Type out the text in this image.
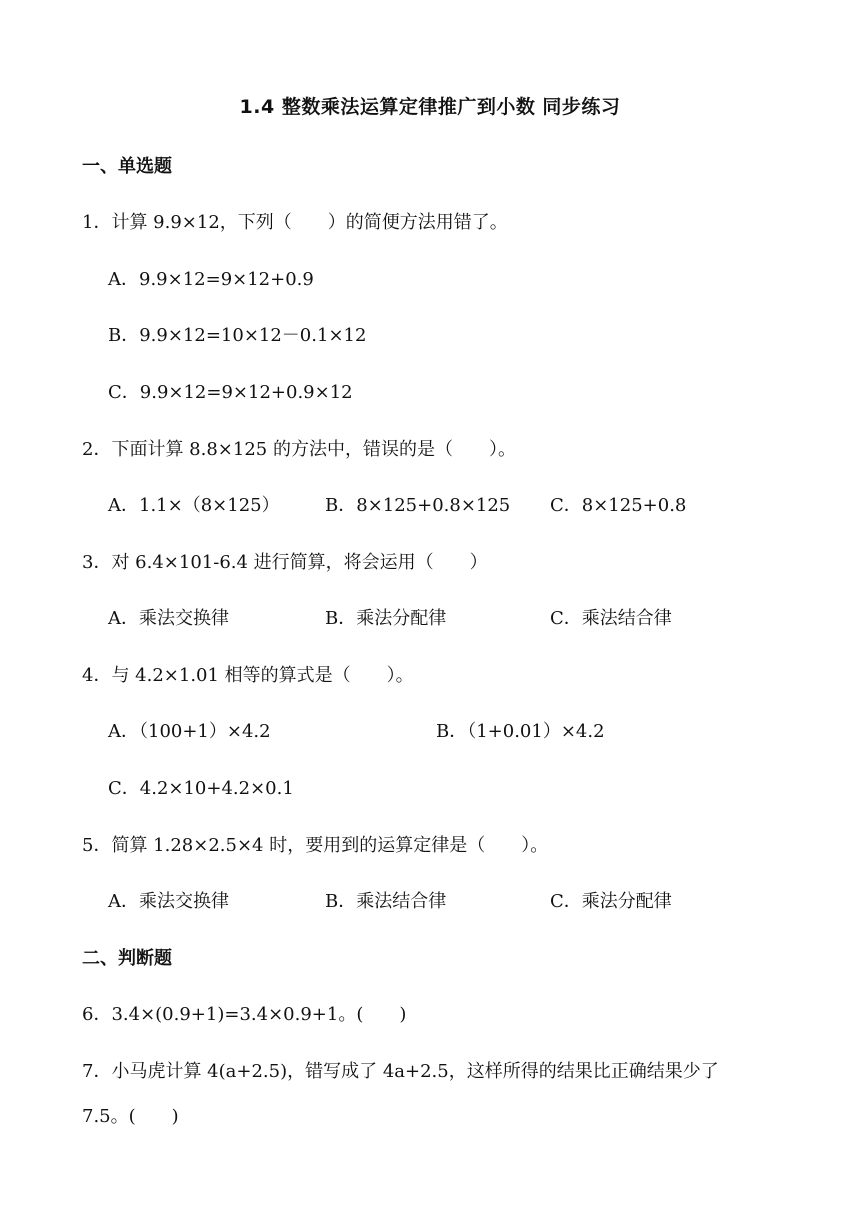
1.4 整数乘法运算定律推广到小数 同步练习
一、单选题
1．计算 9.9×12，下列（　　）的简便方法用错了。
A．9.9×12=9×12+0.9
B．9.9×12=10×12－0.1×12
C．9.9×12=9×12+0.9×12
2．下面计算 8.8×125 的方法中，错误的是（　　）。
A．1.1×（8×125）	B．8×125+0.8×125 C．8×125+0.8
3．对 6.4×101-6.4 进行简算，将会运用（　　）
A．乘法交换律	B．乘法分配律	C．乘法结合律
4．与 4.2×1.01 相等的算式是（　　）。
A．（100+1）×4.2	B．（1+0.01）×4.2
C．4.2×10+4.2×0.1
5．简算 1.28×2.5×4 时，要用到的运算定律是（　　）。
A．乘法交换律	B．乘法结合律	C．乘法分配律
二、判断题
6．3.4×(0.9+1)=3.4×0.9+1。(　　)
7．小马虎计算 4(a+2.5)，错写成了 4a+2.5，这样所得的结果比正确结果少了
7.5。(　　)
